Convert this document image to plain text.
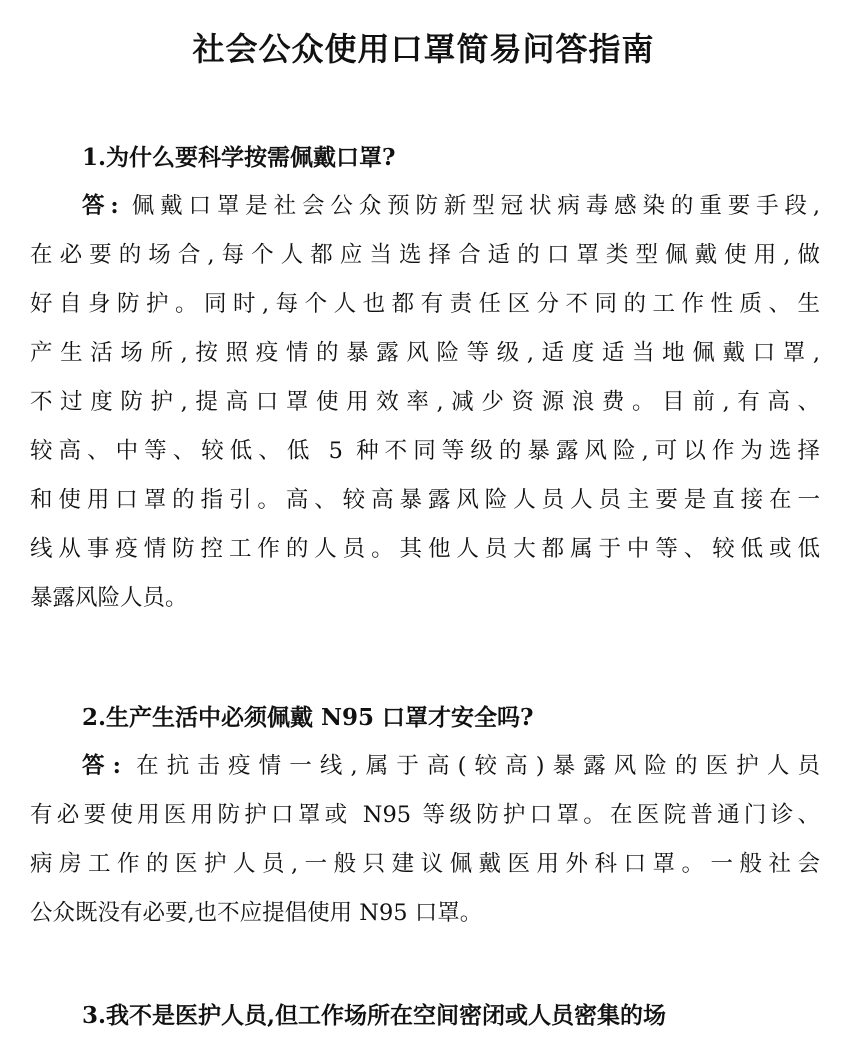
社会公众使用口罩简易问答指南
1.为什么要科学按需佩戴口罩?
答: 佩戴口罩是社会公众预防新型冠状病毒感染的重要手段,
在必要的场合,每个人都应当选择合适的口罩类型佩戴使用,做
好自身防护。同时,每个人也都有责任区分不同的工作性质、生
产生活场所,按照疫情的暴露风险等级,适度适当地佩戴口罩,
不过度防护,提高口罩使用效率,减少资源浪费。目前,有高、
较高、中等、较低、低 5 种不同等级的暴露风险,可以作为选择
和使用口罩的指引。高、较高暴露风险人员人员主要是直接在一
线从事疫情防控工作的人员。其他人员大都属于中等、较低或低
暴露风险人员。
2.生产生活中必须佩戴 N95 口罩才安全吗?
答: 在抗击疫情一线,属于高(较高)暴露风险的医护人员
有必要使用医用防护口罩或 N95 等级防护口罩。在医院普通门诊、
病房工作的医护人员,一般只建议佩戴医用外科口罩。一般社会
公众既没有必要,也不应提倡使用 N95 口罩。
3.我不是医护人员,但工作场所在空间密闭或人员密集的场
